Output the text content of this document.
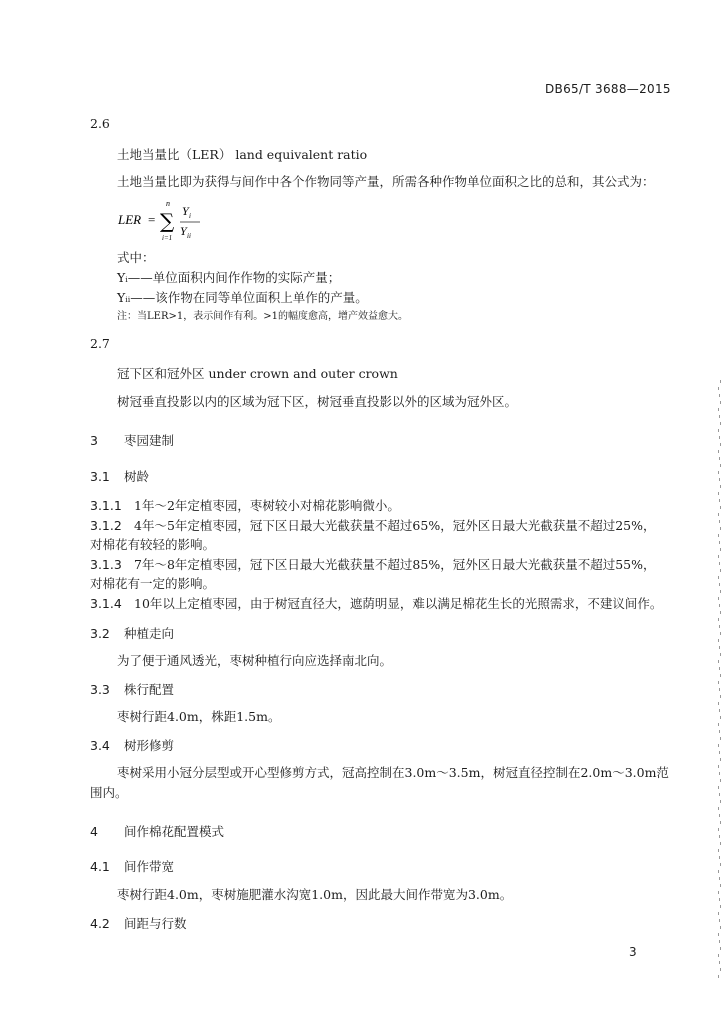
DB65/T 3688—2015
2.6
土地当量比（LER） land equivalent ratio
土地当量比即为获得与间作中各个作物同等产量，所需各种作物单位面积之比的总和，其公式为：
LER =
n
∑
i=1
Y i
Y ii
式中：
Yᵢ——单位面积内间作作物的实际产量；
Yᵢᵢ——该作物在同等单位面积上单作的产量。
注：当LER>1，表示间作有利。>1的幅度愈高，增产效益愈大。
2.7
冠下区和冠外区 under crown and outer crown
树冠垂直投影以内的区域为冠下区，树冠垂直投影以外的区域为冠外区。
3 枣园建制
3.1 树龄
3.1.1 1年～2年定植枣园，枣树较小对棉花影响微小。
3.1.2 4年～5年定植枣园，冠下区日最大光截获量不超过65%，冠外区日最大光截获量不超过25%，
对棉花有较轻的影响。
3.1.3 7年～8年定植枣园，冠下区日最大光截获量不超过85%，冠外区日最大光截获量不超过55%，
对棉花有一定的影响。
3.1.4 10年以上定植枣园，由于树冠直径大，遮荫明显，难以满足棉花生长的光照需求，不建议间作。
3.2 种植走向
为了便于通风透光，枣树种植行向应选择南北向。
3.3 株行配置
枣树行距4.0m，株距1.5m。
3.4 树形修剪
枣树采用小冠分层型或开心型修剪方式，冠高控制在3.0m～3.5m，树冠直径控制在2.0m～3.0m范
围内。
4 间作棉花配置模式
4.1 间作带宽
枣树行距4.0m，枣树施肥灌水沟宽1.0m，因此最大间作带宽为3.0m。
4.2 间距与行数
3
